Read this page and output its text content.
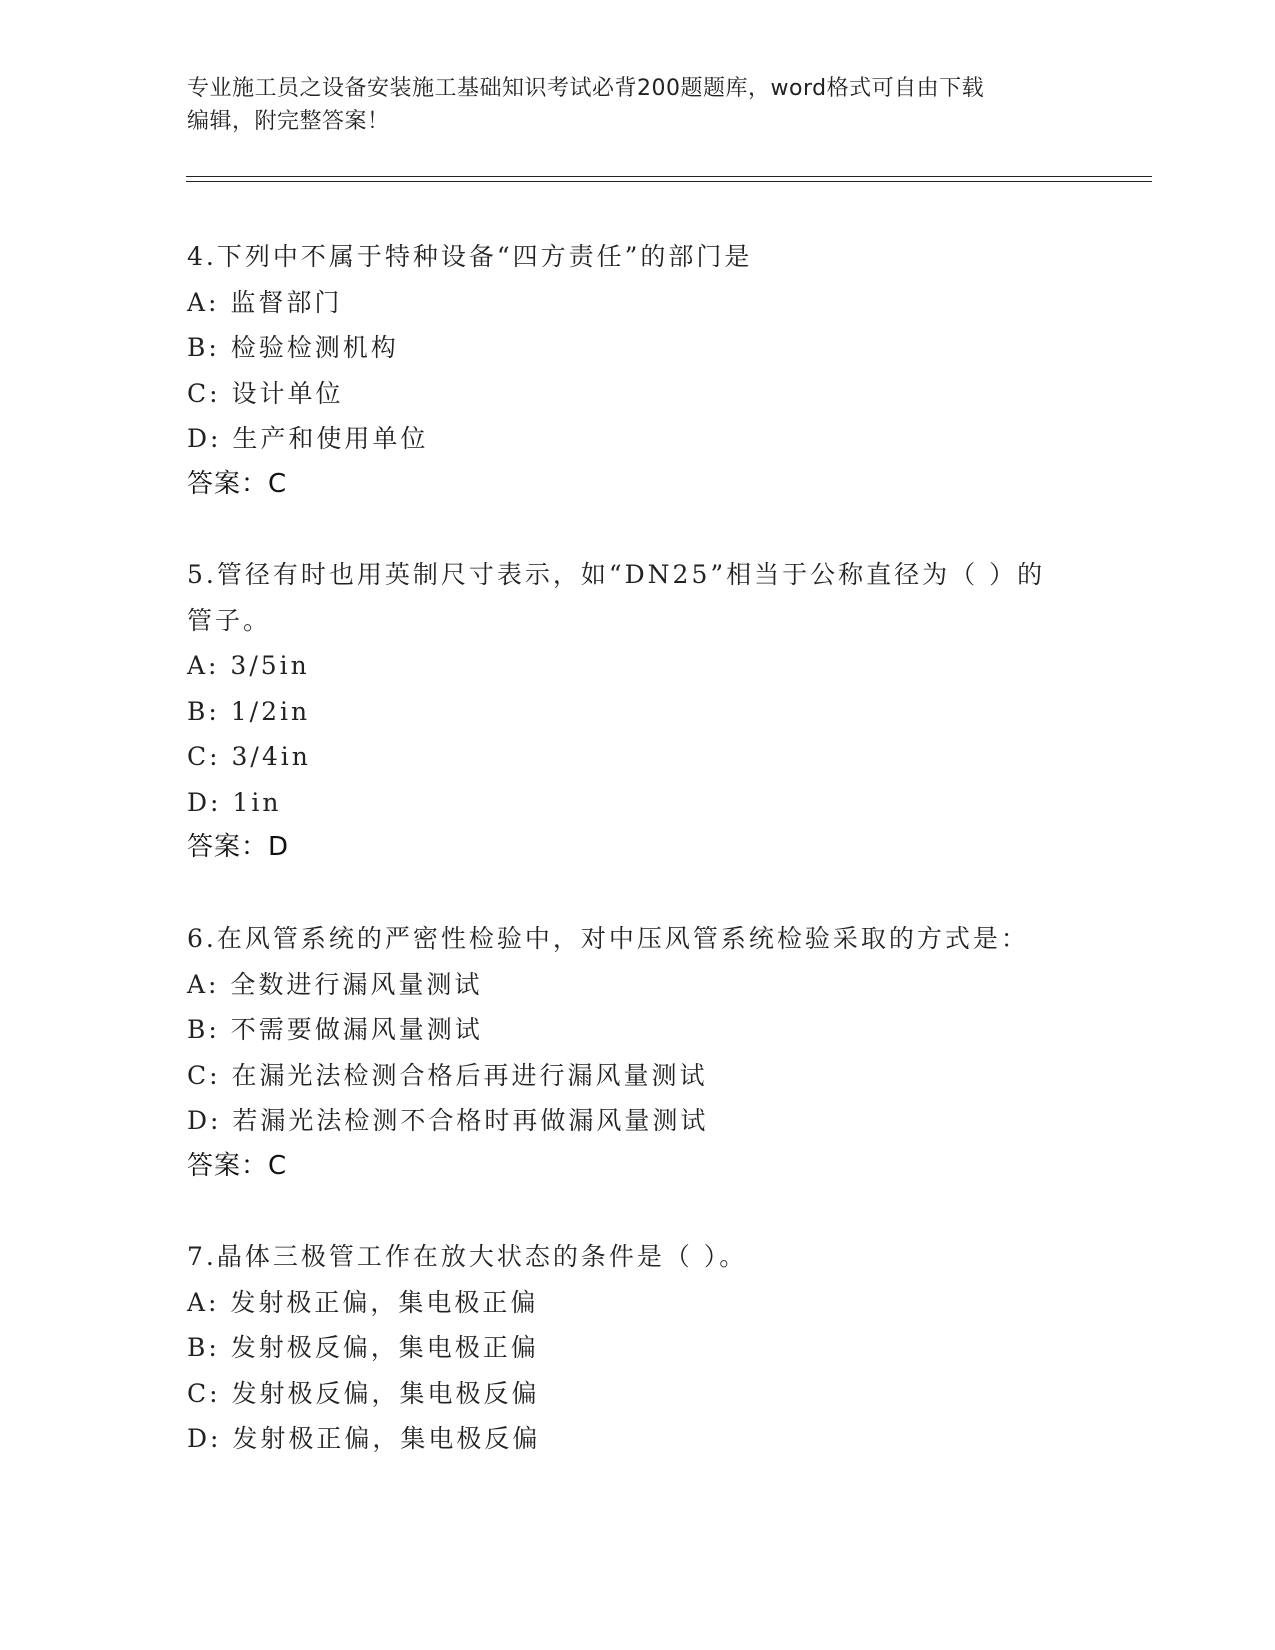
专业施工员之设备安装施工基础知识考试必背200题题库，word格式可自由下载
编辑，附完整答案！
4.下列中不属于特种设备“四方责任”的部门是
A: 监督部门
B: 检验检测机构
C: 设计单位
D: 生产和使用单位
答案：C
5.管径有时也用英制尺寸表示，如“DN25”相当于公称直径为（ ）的
管子。
A: 3/5in
B: 1/2in
C: 3/4in
D: 1in
答案：D
6.在风管系统的严密性检验中，对中压风管系统检验采取的方式是：
A: 全数进行漏风量测试
B: 不需要做漏风量测试
C: 在漏光法检测合格后再进行漏风量测试
D: 若漏光法检测不合格时再做漏风量测试
答案：C
7.晶体三极管工作在放大状态的条件是（ ）。
A: 发射极正偏，集电极正偏
B: 发射极反偏，集电极正偏
C: 发射极反偏，集电极反偏
D: 发射极正偏，集电极反偏
